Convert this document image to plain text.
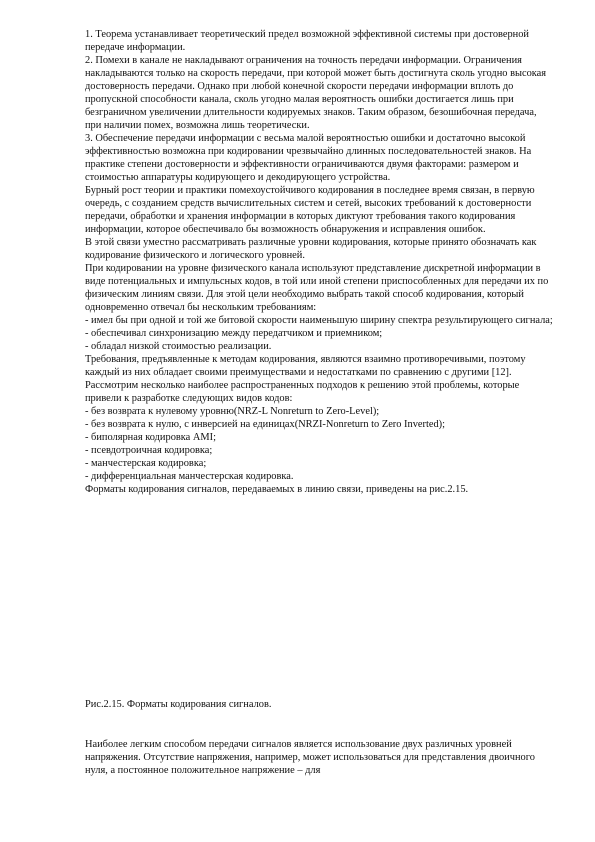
1. Теорема устанавливает теоретический предел возможной эффективной системы при достоверной передаче информации.

2. Помехи в канале не накладывают ограничения на точность передачи информации. Ограничения накладываются только на скорость передачи, при которой может быть достигнута сколь угодно высокая достоверность передачи. Однако при любой конечной скорости передачи информации вплоть до пропускной способности канала, сколь угодно малая вероятность ошибки достигается лишь при безграничном увеличении длительности кодируемых знаков. Таким образом, безошибочная передача, при наличии помех, возможна лишь теоретически.

3. Обеспечение передачи информации с весьма малой вероятностью ошибки и достаточно высокой эффективностью возможна при кодировании чрезвычайно длинных последовательностей знаков. На практике степени достоверности и эффективности ограничиваются двумя факторами: размером и стоимостью аппаратуры кодирующего и декодирующего устройства.

Бурный рост теории и практики помехоустойчивого кодирования в последнее время связан, в первую очередь, с созданием средств вычислительных систем и сетей, высоких требований к достоверности передачи, обработки и хранения информации в которых диктуют требования такого кодирования информации, которое обеспечивало бы возможность обнаружения и исправления ошибок.

В этой связи уместно рассматривать различные уровни кодирования, которые принято обозначать как кодирование физического и логического уровней.

При кодировании на уровне физического канала используют представление дискретной информации в виде потенциальных и импульсных кодов, в той или иной степени приспособленных для передачи их по физическим линиям связи. Для этой цели необходимо выбрать такой способ кодирования, который одновременно отвечал бы нескольким требованиям:

- имел бы при одной и той же битовой скорости наименьшую ширину спектра результирующего сигнала;

- обеспечивал синхронизацию между передатчиком и приемником;

- обладал низкой стоимостью реализации.

Требования, предъявленные к методам кодирования, являются взаимно противоречивыми, поэтому каждый из них обладает своими преимуществами и недостатками по сравнению с другими [12].

Рассмотрим несколько наиболее распространенных подходов к решению этой проблемы, которые привели к разработке следующих видов кодов:

- без возврата к нулевому уровню(NRZ-L Nonreturn to Zero-Level);

- без возврата к нулю, с инверсией на единицах(NRZI-Nonreturn to Zero Inverted);

- биполярная кодировка AMI;

- псевдотроичная кодировка;

- манчестерская кодировка;

- дифференциальная манчестерская кодировка.

Форматы кодирования сигналов, передаваемых в линию связи, приведены на рис.2.15.

Рис.2.15. Форматы кодирования сигналов.

Наиболее легким способом передачи сигналов является использование двух различных уровней напряжения. Отсутствие напряжения, например, может использоваться для представления двоичного нуля, а постоянное положительное напряжение – для
